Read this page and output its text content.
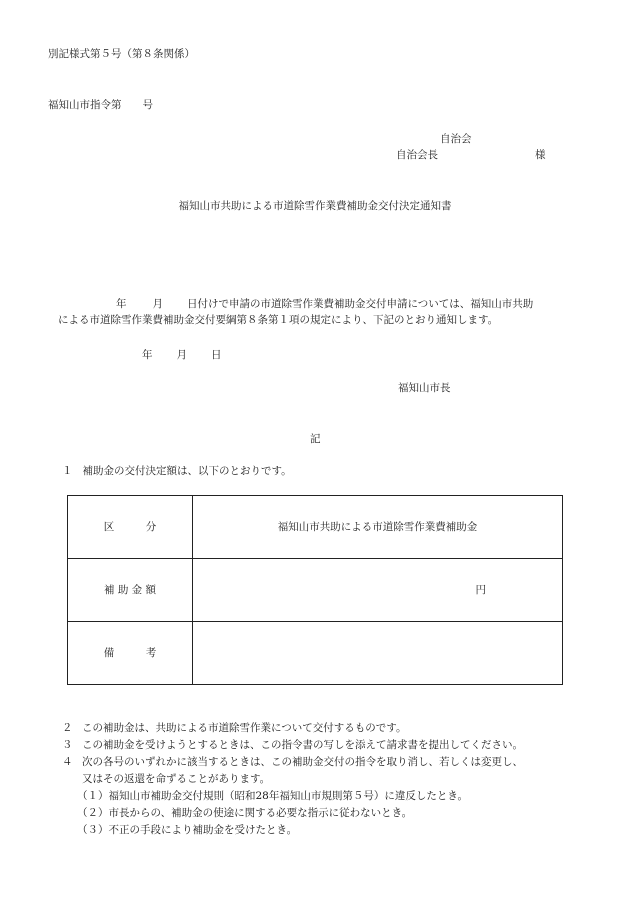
別記様式第５号（第８条関係）
福知山市指令第　　号
自治会
自治会長	様
福知山市共助による市道除雪作業費補助金交付決定通知書
年 月 日付けで申請の市道除雪作業費補助金交付申請については、福知山市共助
による市道除雪作業費補助金交付要綱第８条第１項の規定により、下記のとおり通知します。
年 月 日
福知山市長
記
１ 補助金の交付決定額は、以下のとおりです。
区　　　分	福知山市共助による市道除雪作業費補助金
補 助 金 額	円
備　　　考	
２ この補助金は、共助による市道除雪作業について交付するものです。
３ この補助金を受けようとするときは、この指令書の写しを添えて請求書を提出してください。
４ 次の各号のいずれかに該当するときは、この補助金交付の指令を取り消し、若しくは変更し、
又はその返還を命ずることがあります。
（１）福知山市補助金交付規則（昭和28年福知山市規則第５号）に違反したとき。
（２）市長からの、補助金の使途に関する必要な指示に従わないとき。
（３）不正の手段により補助金を受けたとき。
